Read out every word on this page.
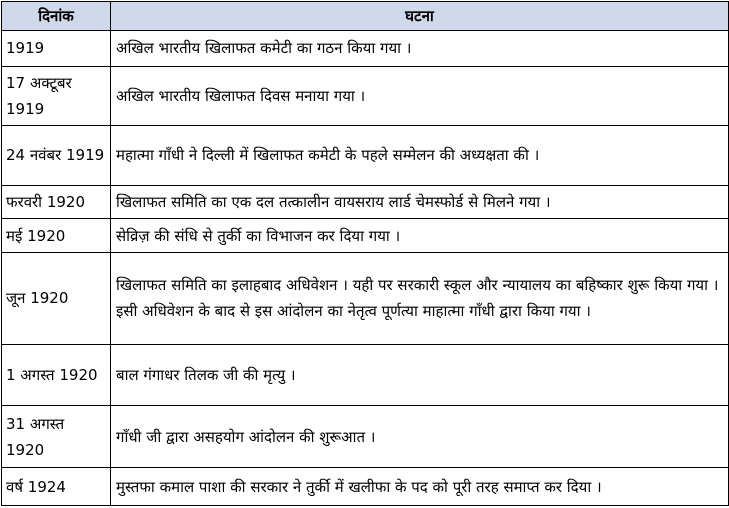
दिनांक	घटना
1919	अखिल भारतीय खिलाफत कमेटी का गठन किया गया ।
17 अक्टूबर 1919	अखिल भारतीय खिलाफत दिवस मनाया गया ।
24 नवंबर 1919	महात्मा गाँधी ने दिल्ली में खिलाफत कमेटी के पहले सम्मेलन की अध्यक्षता की ।
फरवरी 1920	खिलाफत समिति का एक दल तत्कालीन वायसराय लार्ड चेमस्फोर्ड से मिलने गया ।
मई 1920	सेव्रिज़ की संधि से तुर्की का विभाजन कर दिया गया ।
जून 1920	खिलाफत समिति का इलाहबाद अधिवेशन । यही पर सरकारी स्कूल और न्यायालय का बहिष्कार शुरू किया गया । इसी अधिवेशन के बाद से इस आंदोलन का नेतृत्व पूर्णत्या माहात्मा गाँधी द्वारा किया गया ।
1 अगस्त 1920	बाल गंगाधर तिलक जी की मृत्यु ।
31 अगस्त 1920	गाँधी जी द्वारा असहयोग आंदोलन की शुरूआत ।
वर्ष 1924	मुस्तफा कमाल पाशा की सरकार ने तुर्की में खलीफा के पद को पूरी तरह समाप्त कर दिया ।
